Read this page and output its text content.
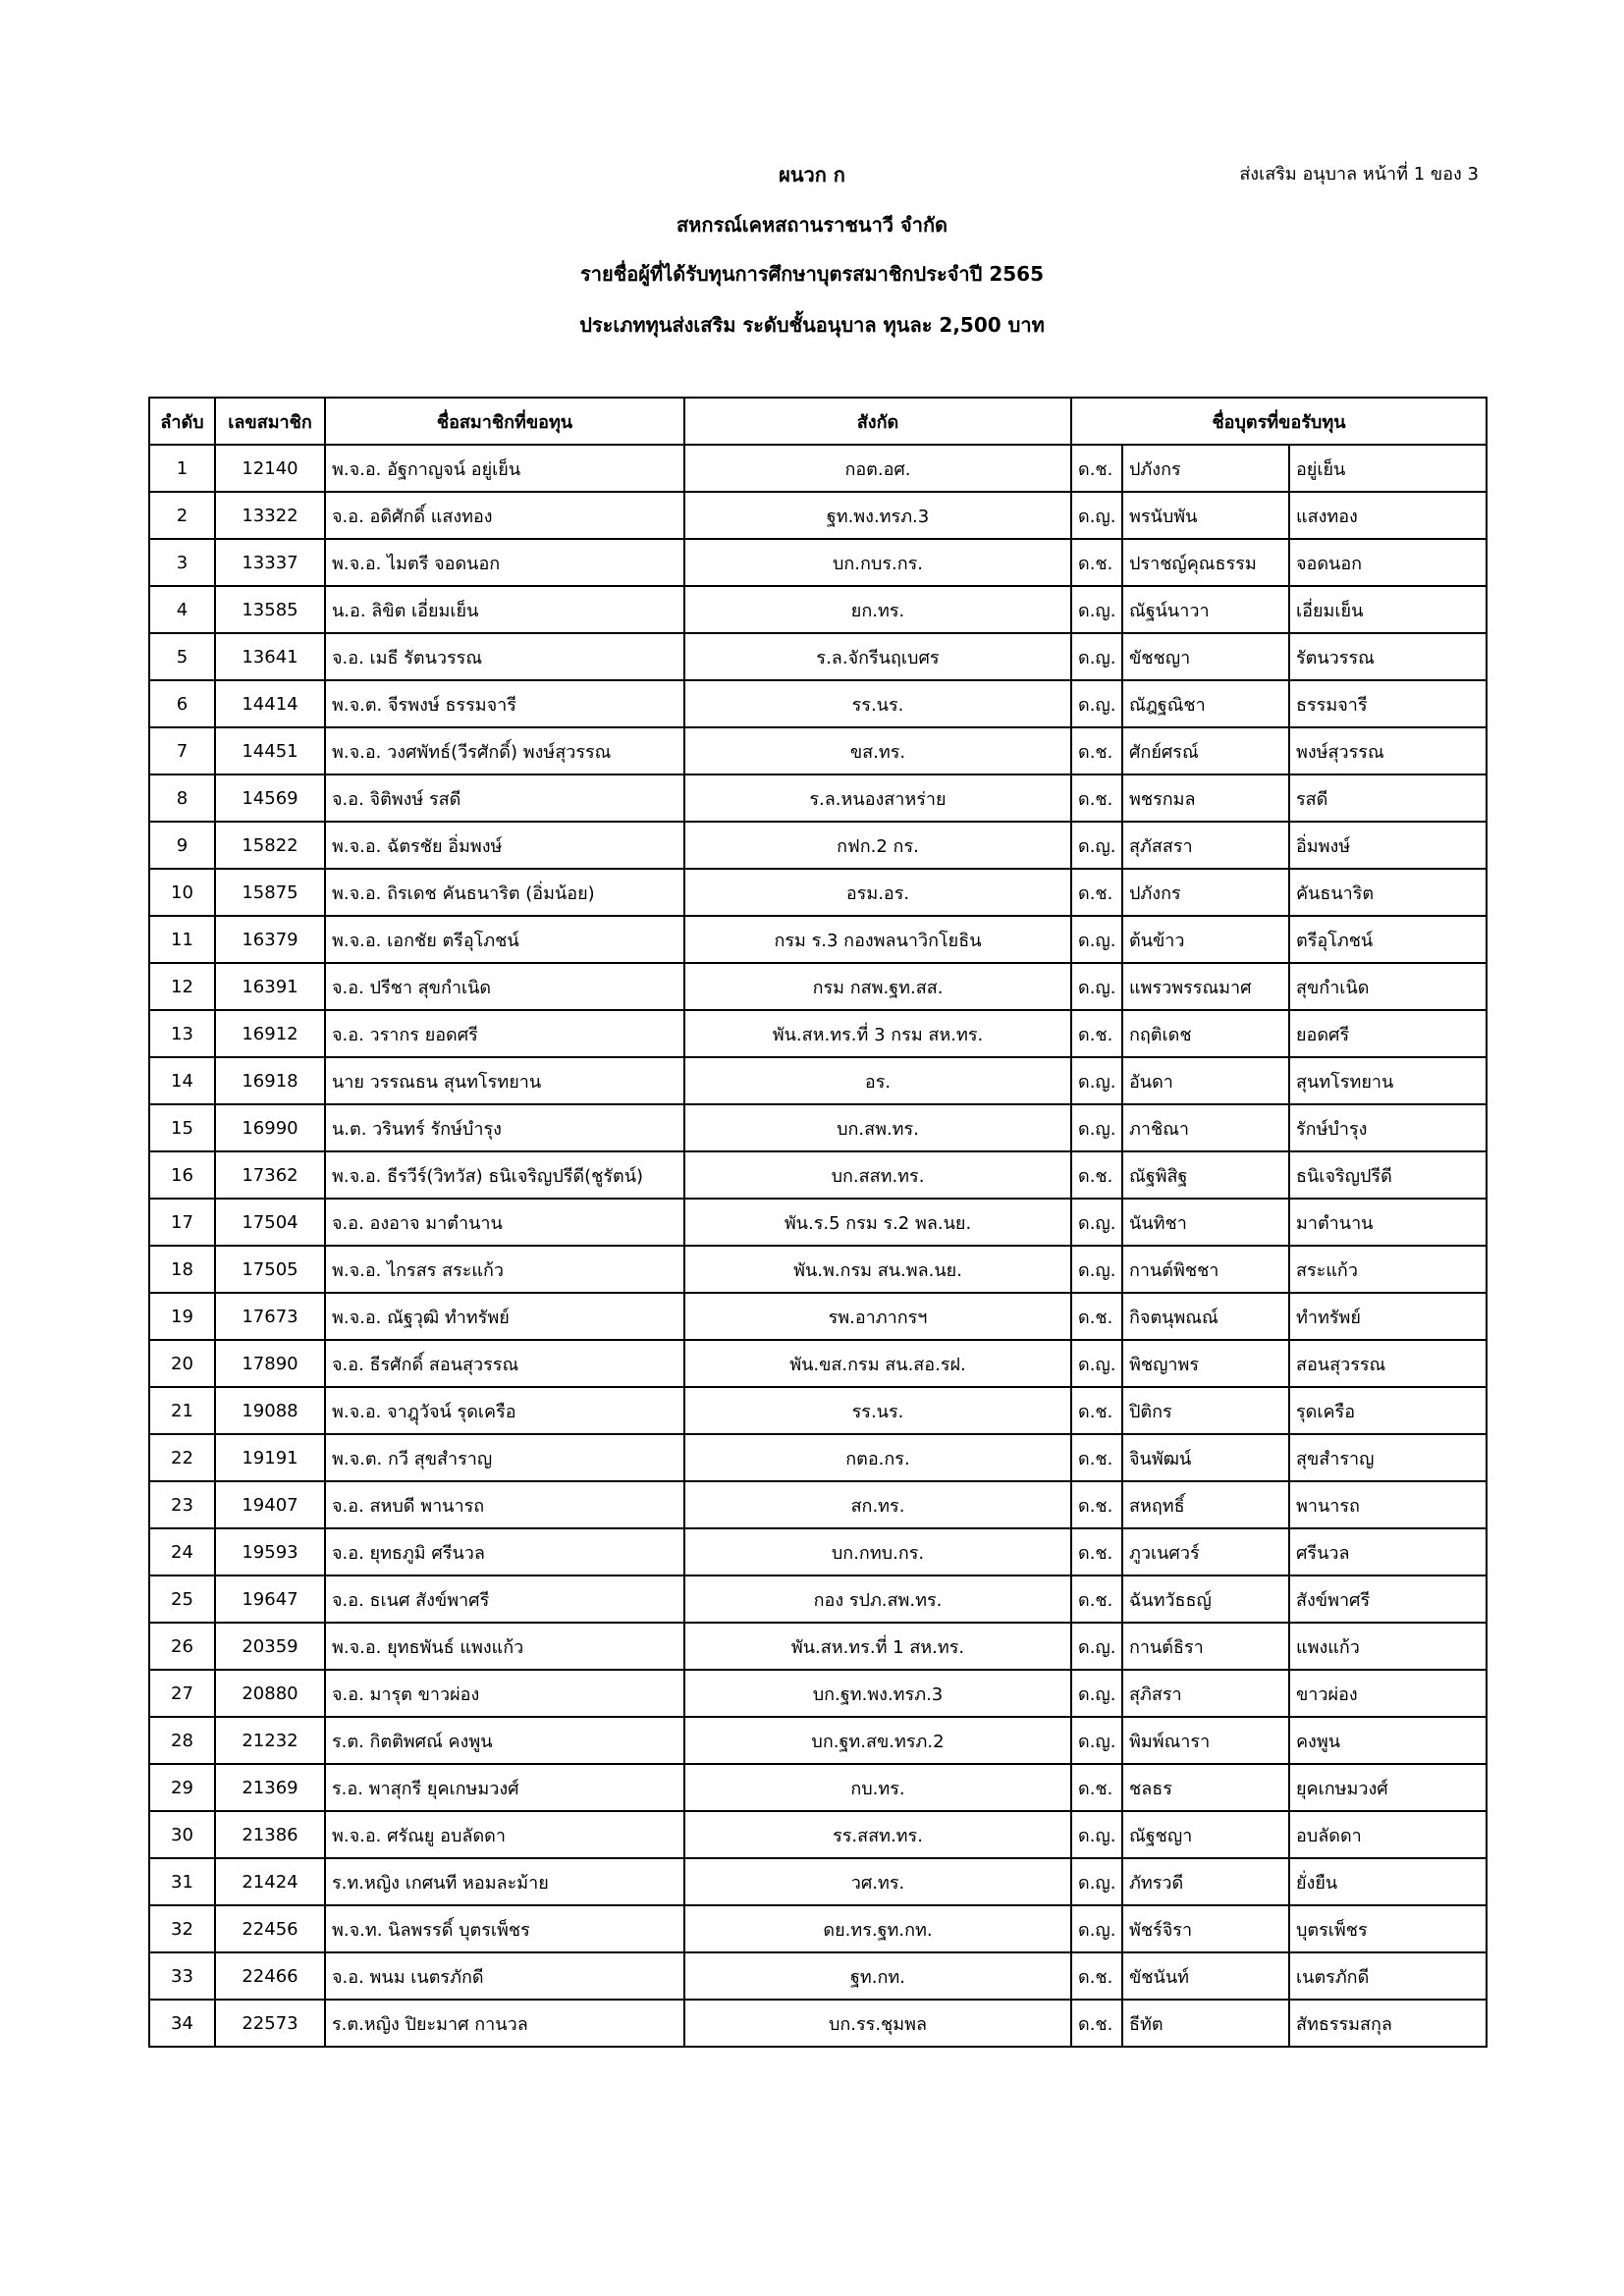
ผนวก ก	ส่งเสริม อนุบาล หน้าที่ 1 ของ 3
สหกรณ์เคหสถานราชนาวี จำกัด
รายชื่อผู้ที่ได้รับทุนการศึกษาบุตรสมาชิกประจำปี 2565
ประเภททุนส่งเสริม ระดับชั้นอนุบาล ทุนละ 2,500 บาท
ลำดับ	เลขสมาชิก	ชื่อสมาชิกที่ขอทุน	สังกัด	ชื่อบุตรที่ขอรับทุน		
1	12140	พ.จ.อ. อัฐกาญจน์ อยู่เย็น	กอต.อศ.	ด.ช.	ปภังกร	อยู่เย็น
2	13322	จ.อ. อดิศักดิ์ แสงทอง	ฐท.พง.ทรภ.3	ด.ญ.	พรนับพัน	แสงทอง
3	13337	พ.จ.อ. ไมตรี จอดนอก	บก.กบร.กร.	ด.ช.	ปราชญ์คุณธรรม	จอดนอก
4	13585	น.อ. ลิขิต เอี่ยมเย็น	ยก.ทร.	ด.ญ.	ณัฐน์นาวา	เอี่ยมเย็น
5	13641	จ.อ. เมธี รัตนวรรณ	ร.ล.จักรีนฤเบศร	ด.ญ.	ขัชชญา	รัตนวรรณ
6	14414	พ.จ.ต. จีรพงษ์ ธรรมจารี	รร.นร.	ด.ญ.	ณัฎฐณิชา	ธรรมจารี
7	14451	พ.จ.อ. วงศพัทธ์(วีรศักดิ์) พงษ์สุวรรณ	ขส.ทร.	ด.ช.	ศักย์ศรณ์	พงษ์สุวรรณ
8	14569	จ.อ. จิติพงษ์ รสดี	ร.ล.หนองสาหร่าย	ด.ช.	พชรกมล	รสดี
9	15822	พ.จ.อ. ฉัตรชัย อิ่มพงษ์	กฟก.2 กร.	ด.ญ.	สุภัสสรา	อิ่มพงษ์
10	15875	พ.จ.อ. ถิรเดช คันธนาริต (อิ่มน้อย)	อรม.อร.	ด.ช.	ปภังกร	คันธนาริต
11	16379	พ.จ.อ. เอกชัย ตรีอุโภชน์	กรม ร.3 กองพลนาวิกโยธิน	ด.ญ.	ต้นข้าว	ตรีอุโภชน์
12	16391	จ.อ. ปรีชา สุขกำเนิด	กรม กสพ.ฐท.สส.	ด.ญ.	แพรวพรรณมาศ	สุขกำเนิด
13	16912	จ.อ. วรากร ยอดศรี	พัน.สห.ทร.ที่ 3 กรม สห.ทร.	ด.ช.	กฤติเดช	ยอดศรี
14	16918	นาย วรรณธน สุนทโรทยาน	อร.	ด.ญ.	อันดา	สุนทโรทยาน
15	16990	น.ต. วรินทร์ รักษ์บำรุง	บก.สพ.ทร.	ด.ญ.	ภาชิณา	รักษ์บำรุง
16	17362	พ.จ.อ. ธีรวีร์(วิทวัส) ธนิเจริญปรีดี(ชูรัตน์)	บก.สสท.ทร.	ด.ช.	ณัฐพิสิฐ	ธนิเจริญปรีดี
17	17504	จ.อ. องอาจ มาตำนาน	พัน.ร.5 กรม ร.2 พล.นย.	ด.ญ.	นันทิชา	มาตำนาน
18	17505	พ.จ.อ. ไกรสร สระแก้ว	พัน.พ.กรม สน.พล.นย.	ด.ญ.	กานต์พิชชา	สระแก้ว
19	17673	พ.จ.อ. ณัฐวุฒิ ทำทรัพย์	รพ.อาภากรฯ	ด.ช.	กิจตนุพณณ์	ทำทรัพย์
20	17890	จ.อ. ธีรศักดิ์ สอนสุวรรณ	พัน.ขส.กรม สน.สอ.รฝ.	ด.ญ.	พิชญาพร	สอนสุวรรณ
21	19088	พ.จ.อ. จาฎุวัจน์ รุดเครือ	รร.นร.	ด.ช.	ปิติกร	รุดเครือ
22	19191	พ.จ.ต. กวี สุขสำราญ	กตอ.กร.	ด.ช.	จินพัฒน์	สุขสำราญ
23	19407	จ.อ. สหบดี พานารถ	สก.ทร.	ด.ช.	สหฤทธิ์	พานารถ
24	19593	จ.อ. ยุทธภูมิ ศรีนวล	บก.กทบ.กร.	ด.ช.	ภูวเนศวร์	ศรีนวล
25	19647	จ.อ. ธเนศ สังข์พาศรี	กอง รปภ.สพ.ทร.	ด.ช.	ฉันทวัธธญ์	สังข์พาศรี
26	20359	พ.จ.อ. ยุทธพันธ์ แพงแก้ว	พัน.สห.ทร.ที่ 1 สห.ทร.	ด.ญ.	กานต์ธิรา	แพงแก้ว
27	20880	จ.อ. มารุต ขาวผ่อง	บก.ฐท.พง.ทรภ.3	ด.ญ.	สุภิสรา	ขาวผ่อง
28	21232	ร.ต. กิตติพศณ์ คงพูน	บก.ฐท.สข.ทรภ.2	ด.ญ.	พิมพ์ณารา	คงพูน
29	21369	ร.อ. พาสุกรี ยุคเกษมวงศ์	กบ.ทร.	ด.ช.	ชลธร	ยุคเกษมวงศ์
30	21386	พ.จ.อ. ศรัณยู อบลัดดา	รร.สสท.ทร.	ด.ญ.	ณัฐชญา	อบลัดดา
31	21424	ร.ท.หญิง เกศนที หอมละม้าย	วศ.ทร.	ด.ญ.	ภัทรวดี	ยั่งยืน
32	22456	พ.จ.ท. นิลพรรดิ์ บุตรเพ็ชร	ดย.ทร.ฐท.กท.	ด.ญ.	พัชร์จิรา	บุตรเพ็ชร
33	22466	จ.อ. พนม เนตรภักดี	ฐท.กท.	ด.ช.	ขัชนันท์	เนตรภักดี
34	22573	ร.ต.หญิง ปิยะมาศ กานวล	บก.รร.ชุมพล	ด.ช.	ธีทัต	สัทธรรมสกุล
